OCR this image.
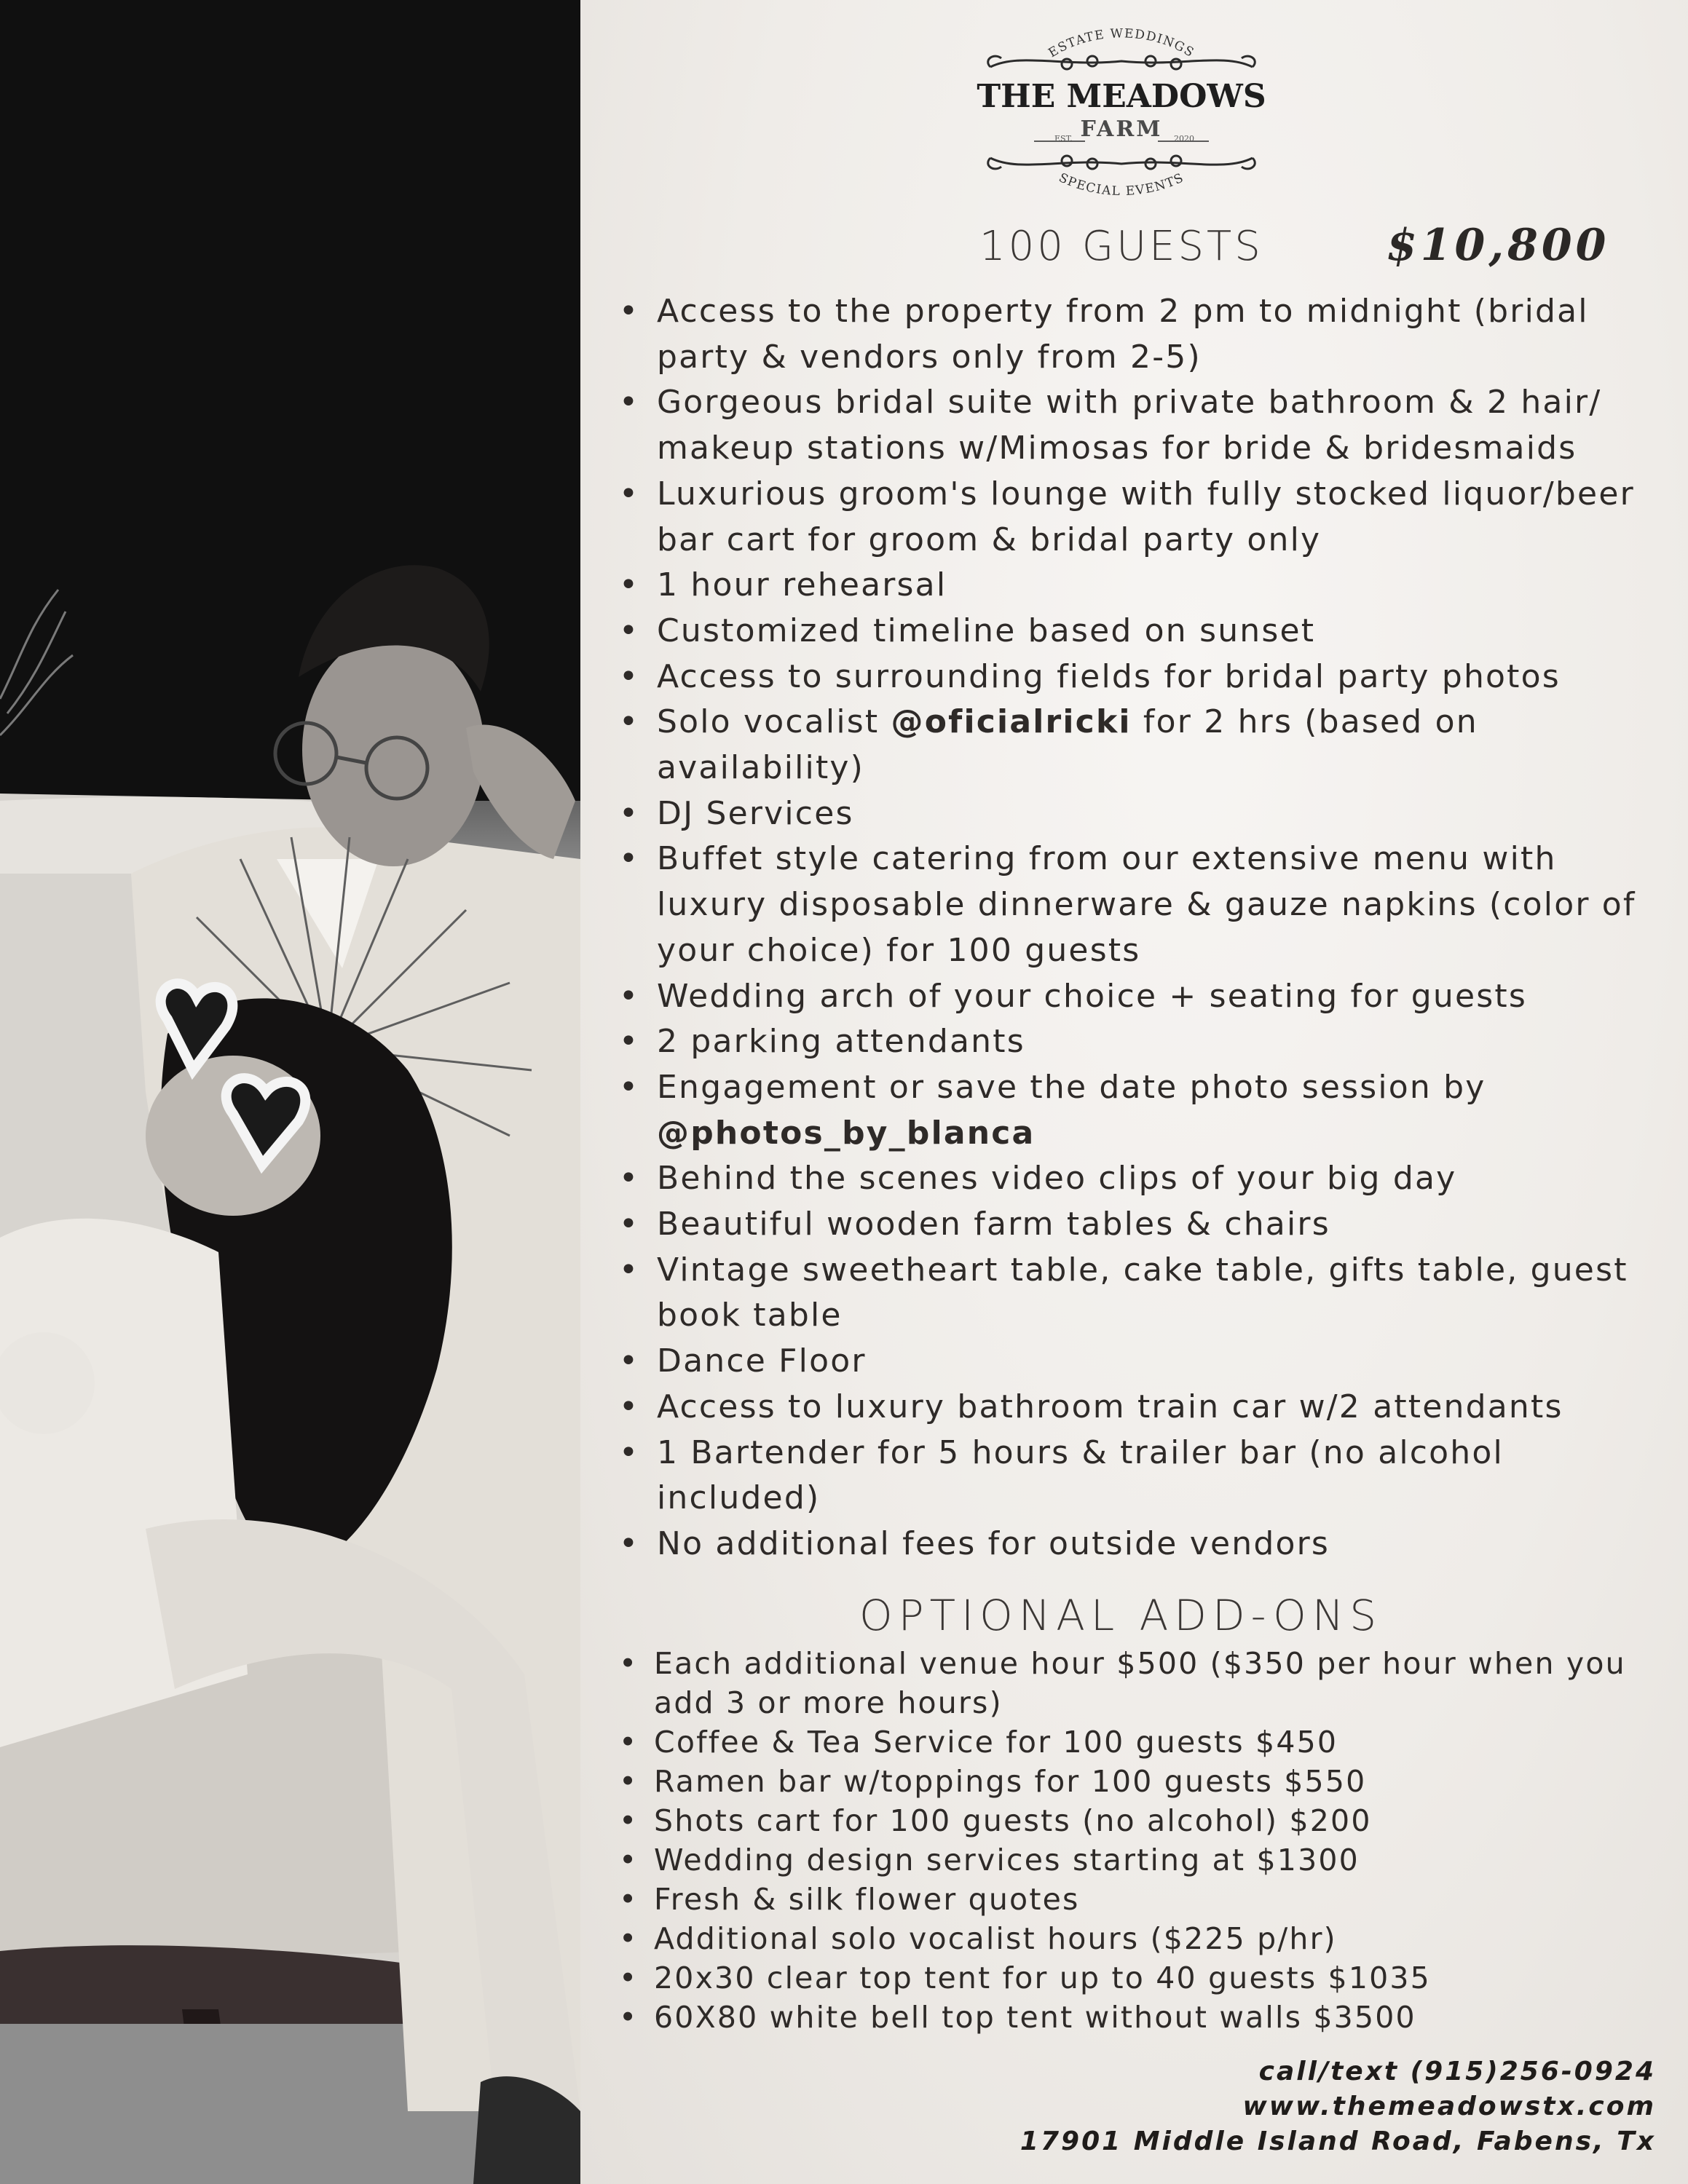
ESTATE WEDDINGS
SPECIAL EVENTS
THE MEADOWS
FARM
EST.	2020
100 GUESTS	$10,800
• Access to the property from 2 pm to midnight (bridal party & vendors only from 2-5)
• Gorgeous bridal suite with private bathroom & 2 hair/ makeup stations w/Mimosas for bride & bridesmaids
• Luxurious groom's lounge with fully stocked liquor/beer bar cart for groom & bridal party only
• 1 hour rehearsal
• Customized timeline based on sunset
• Access to surrounding fields for bridal party photos
• Solo vocalist @oficialricki for 2 hrs (based on availability)
• DJ Services
• Buffet style catering from our extensive menu with luxury disposable dinnerware & gauze napkins (color of your choice) for 100 guests
• Wedding arch of your choice + seating for guests
• 2 parking attendants
• Engagement or save the date photo session by @photos_by_blanca
• Behind the scenes video clips of your big day
• Beautiful wooden farm tables & chairs
• Vintage sweetheart table, cake table, gifts table, guest book table
• Dance Floor
• Access to luxury bathroom train car w/2 attendants
• 1 Bartender for 5 hours & trailer bar (no alcohol included)
• No additional fees for outside vendors
OPTIONAL ADD-ONS
• Each additional venue hour $500 ($350 per hour when you add 3 or more hours)
• Coffee & Tea Service for 100 guests $450
• Ramen bar w/toppings for 100 guests $550
• Shots cart for 100 guests (no alcohol) $200
• Wedding design services starting at $1300
• Fresh & silk flower quotes
• Additional solo vocalist hours ($225 p/hr)
• 20x30 clear top tent for up to 40 guests $1035
• 60X80 white bell top tent without walls $3500
call/text (915)256-0924
www.themeadowstx.com
17901 Middle Island Road, Fabens, Tx
